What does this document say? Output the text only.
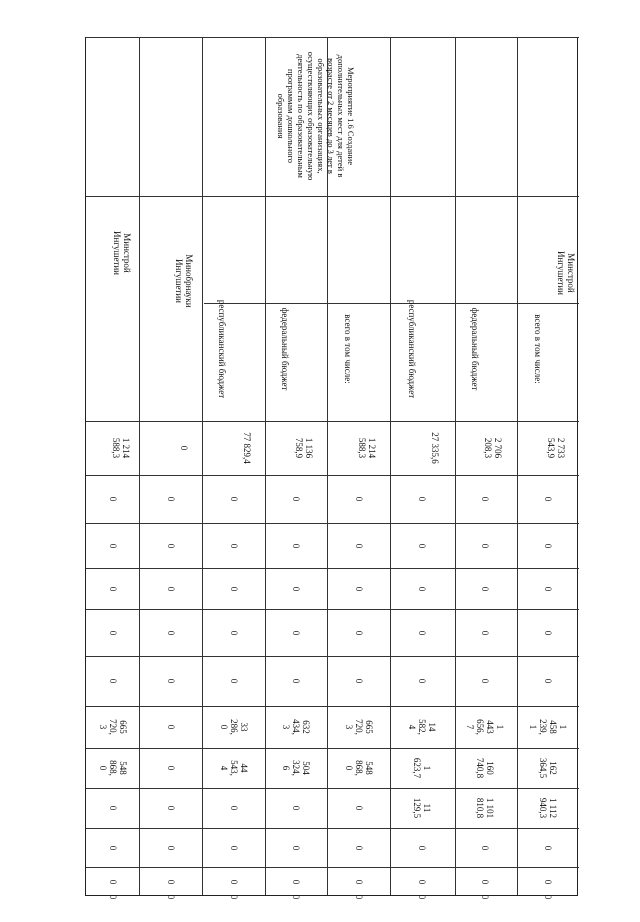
Мероприятие 1.6 Создание
дополнительных мест для детей в
возрасте от 2 месяцев до 3 лет в
образовательных организациях,
осуществляющих образовательную
деятельность по образовательным
программам дошкольного
образования
Минстрой
Ингушетии
Минобрнауки
Ингушетии
Минстрой
Ингушетии
всего в том числе:
федеральный бюджет
республиканский бюджет
всего в том числе:
федеральный бюджет
республиканский бюджет
2 733
543,9
0
0
0
0
0
1
458
239,
1
162
364,5
1 112
940,3
0
0
0
2 706
208,3
0
0
0
0
0
1
443
656,
7
160
740,8
1 101
810,8
0
0
0
27 335,6
0
0
0
0
0
14
582,
4
1
623,7
11
129,5
0
0
0
1 214
588,3
0
0
0
0
0
665
720,
3
548
868,
0
0
0
0
0
1 136
758,9
0
0
0
0
0
632
434,
3
504
324,
6
0
0
0
0
77 829,4
0
0
0
0
0
33
286,
0
44
543,
4
0
0
0
0
0
0
0
0
0
0
0
0
0
0
0
0
1 214
588,3
0
0
0
0
0
665
720,
3
548
868,
0
0
0
0
0
